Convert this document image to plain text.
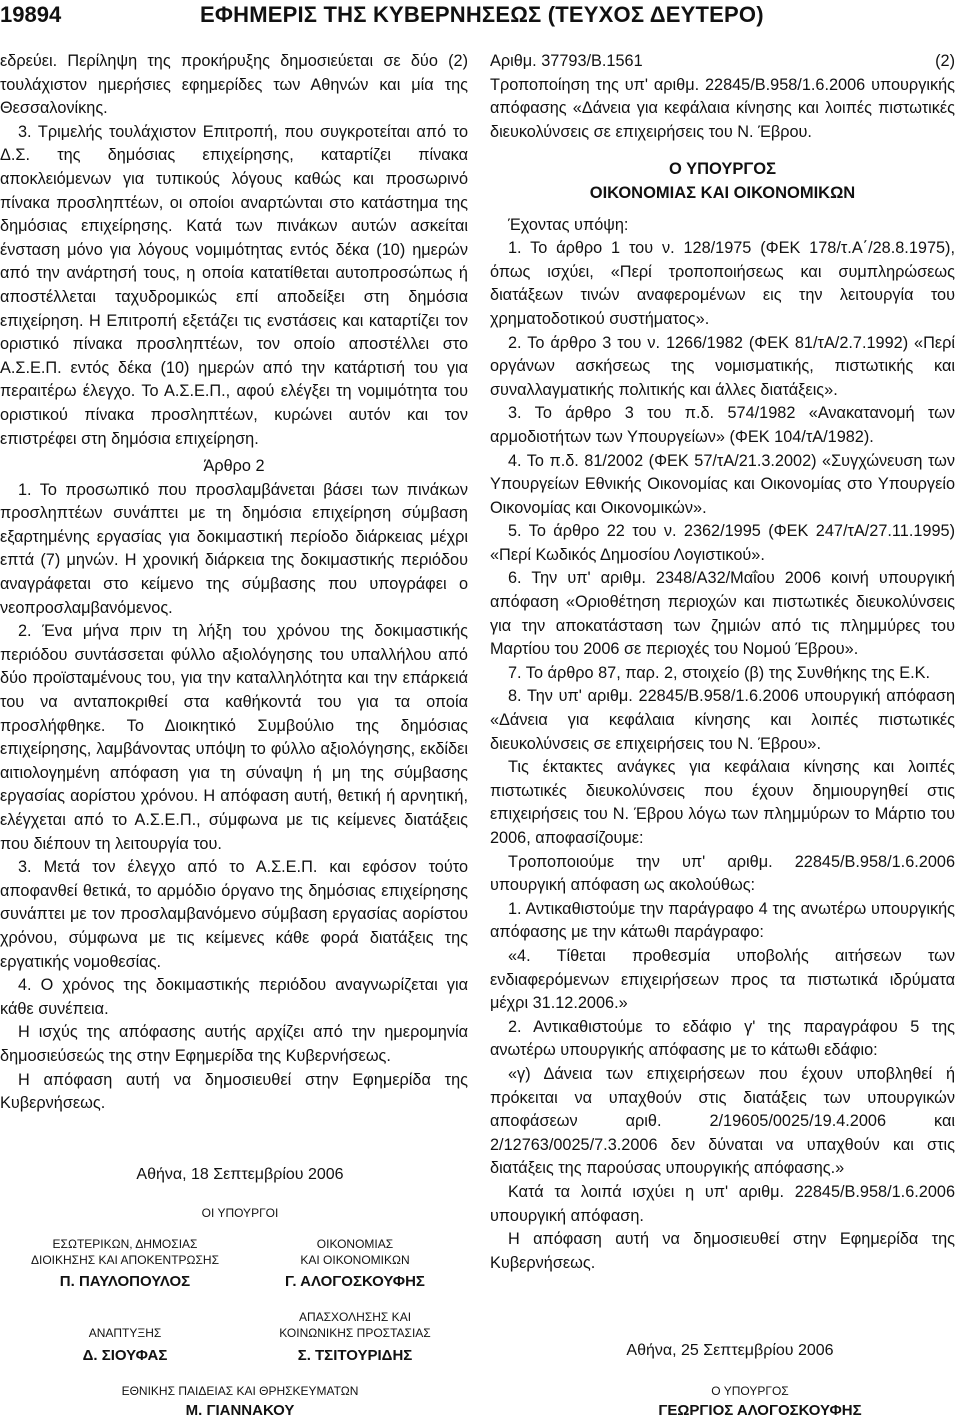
19894	ΕΦΗΜΕΡΙΣ ΤΗΣ ΚΥΒΕΡΝΗΣΕΩΣ (ΤΕΥΧΟΣ ΔΕΥΤΕΡΟ)

εδρεύει. Περίληψη της προκήρυξης δημοσιεύεται σε δύο (2) τουλάχιστον ημερήσιες εφημερίδες των Αθηνών και μία της Θεσσαλονίκης.

3. Τριμελής τουλάχιστον Επιτροπή, που συγκροτείται από το Δ.Σ. της δημόσιας επιχείρησης, καταρτίζει πίνακα αποκλειόμενων για τυπικούς λόγους καθώς και προσωρινό πίνακα προσληπτέων, οι οποίοι αναρτώνται στο κατάστημα της δημόσιας επιχείρησης. Κατά των πινάκων αυτών ασκείται ένσταση μόνο για λόγους νομιμότητας εντός δέκα (10) ημερών από την ανάρτησή τους, η οποία κατατίθεται αυτοπροσώπως ή αποστέλλεται ταχυδρομικώς επί αποδείξει στη δημόσια επιχείρηση. Η Επιτροπή εξετάζει τις ενστάσεις και καταρτίζει τον οριστικό πίνακα προσληπτέων, τον οποίο αποστέλλει στο Α.Σ.Ε.Π. εντός δέκα (10) ημερών από την κατάρτισή του για περαιτέρω έλεγχο. Το Α.Σ.Ε.Π., αφού ελέγξει τη νομιμότητα του οριστικού πίνακα προσληπτέων, κυρώνει αυτόν και τον επιστρέφει στη δημόσια επιχείρηση.

Άρθρο 2

1. Το προσωπικό που προσλαμβάνεται βάσει των πινάκων προσληπτέων συνάπτει με τη δημόσια επιχείρηση σύμβαση εξαρτημένης εργασίας για δοκιμαστική περίοδο διάρκειας μέχρι επτά (7) μηνών. Η χρονική διάρκεια της δοκιμαστικής περιόδου αναγράφεται στο κείμενο της σύμβασης που υπογράφει ο νεοπροσλαμβανόμενος.

2. Ένα μήνα πριν τη λήξη του χρόνου της δοκιμαστικής περιόδου συντάσσεται φύλλο αξιολόγησης του υπαλλήλου από δύο προϊσταμένους του, για την καταλληλότητα και την επάρκειά του να ανταποκριθεί στα καθήκοντά του για τα οποία προσλήφθηκε. Το Διοικητικό Συμβούλιο της δημόσιας επιχείρησης, λαμβάνοντας υπόψη το φύλλο αξιολόγησης, εκδίδει αιτιολογημένη απόφαση για τη σύναψη ή μη της σύμβασης εργασίας αορίστου χρόνου. Η απόφαση αυτή, θετική ή αρνητική, ελέγχεται από το Α.Σ.Ε.Π., σύμφωνα με τις κείμενες διατάξεις που διέπουν τη λειτουργία του.

3. Μετά τον έλεγχο από το Α.Σ.Ε.Π. και εφόσον τούτο αποφανθεί θετικά, το αρμόδιο όργανο της δημόσιας επιχείρησης συνάπτει με τον προσλαμβανόμενο σύμβαση εργασίας αορίστου χρόνου, σύμφωνα με τις κείμενες κάθε φορά διατάξεις της εργατικής νομοθεσίας.

4. Ο χρόνος της δοκιμαστικής περιόδου αναγνωρίζεται για κάθε συνέπεια.

Η ισχύς της απόφασης αυτής αρχίζει από την ημερομηνία δημοσιεύσεώς της στην Εφημερίδα της Κυβερνήσεως.

Η απόφαση αυτή να δημοσιευθεί στην Εφημερίδα της Κυβερνήσεως.

Αθήνα, 18 Σεπτεμβρίου 2006
ΟΙ ΥΠΟΥΡΓΟΙ
ΕΣΩΤΕΡΙΚΩΝ, ΔΗΜΟΣΙΑΣ
ΔΙΟΙΚΗΣΗΣ ΚΑΙ ΑΠΟΚΕΝΤΡΩΣΗΣ
Π. ΠΑΥΛΟΠΟΥΛΟΣ
ΟΙΚΟΝΟΜΙΑΣ
ΚΑΙ ΟΙΚΟΝΟΜΙΚΩΝ
Γ. ΑΛΟΓΟΣΚΟΥΦΗΣ
ΑΝΑΠΤΥΞΗΣ
Δ. ΣΙΟΥΦΑΣ
ΑΠΑΣΧΟΛΗΣΗΣ ΚΑΙ
ΚΟΙΝΩΝΙΚΗΣ ΠΡΟΣΤΑΣΙΑΣ
Σ. ΤΣΙΤΟΥΡΙΔΗΣ
ΕΘΝΙΚΗΣ ΠΑΙΔΕΙΑΣ ΚΑΙ ΘΡΗΣΚΕΥΜΑΤΩΝ
Μ. ΓΙΑΝΝΑΚΟΥ

Αριθμ. 37793/Β.1561	(2)

Τροποποίηση της υπ' αριθμ. 22845/Β.958/1.6.2006 υπουργικής απόφασης «Δάνεια για κεφάλαια κίνησης και λοιπές πιστωτικές διευκολύνσεις σε επιχειρήσεις του Ν. Έβρου.

Ο ΥΠΟΥΡΓΟΣ

ΟΙΚΟΝΟΜΙΑΣ ΚΑΙ ΟΙΚΟΝΟΜΙΚΩΝ

Έχοντας υπόψη:

1. Το άρθρο 1 του ν. 128/1975 (ΦΕΚ 178/τ.Α΄/28.8.1975), όπως ισχύει, «Περί τροποποιήσεως και συμπληρώσεως διατάξεων τινών αναφερομένων εις την λειτουργία του χρηματοδοτικού συστήματος».

2. Το άρθρο 3 του ν. 1266/1982 (ΦΕΚ 81/τΑ/2.7.1992) «Περί οργάνων ασκήσεως της νομισματικής, πιστωτικής και συναλλαγματικής πολιτικής και άλλες διατάξεις».

3. Το άρθρο 3 του π.δ. 574/1982 «Ανακατανομή των αρμοδιοτήτων των Υπουργείων» (ΦΕΚ 104/τΑ/1982).

4. Το π.δ. 81/2002 (ΦΕΚ 57/τΑ/21.3.2002) «Συγχώνευση των Υπουργείων Εθνικής Οικονομίας και Οικονομίας στο Υπουργείο Οικονομίας και Οικονομικών».

5. Το άρθρο 22 του ν. 2362/1995 (ΦΕΚ 247/τΑ/27.11.1995) «Περί Κωδικός Δημοσίου Λογιστικού».

6. Την υπ' αριθμ. 2348/Α32/Μαΐου 2006 κοινή υπουργική απόφαση «Οριοθέτηση περιοχών και πιστωτικές διευκολύνσεις για την αποκατάσταση των ζημιών από τις πλημμύρες του Μαρτίου του 2006 σε περιοχές του Νομού Έβρου».

7. Το άρθρο 87, παρ. 2, στοιχείο (β) της Συνθήκης της Ε.Κ.

8. Την υπ' αριθμ. 22845/Β.958/1.6.2006 υπουργική απόφαση «Δάνεια για κεφάλαια κίνησης και λοιπές πιστωτικές διευκολύνσεις σε επιχειρήσεις του Ν. Έβρου».

Τις έκτακτες ανάγκες για κεφάλαια κίνησης και λοιπές πιστωτικές διευκολύνσεις που έχουν δημιουργηθεί στις επιχειρήσεις του Ν. Έβρου λόγω των πλημμύρων το Μάρτιο του 2006, αποφασίζουμε:

Τροποποιούμε την υπ' αριθμ. 22845/Β.958/1.6.2006 υπουργική απόφαση ως ακολούθως:

1. Αντικαθιστούμε την παράγραφο 4 της ανωτέρω υπουργικής απόφασης με την κάτωθι παράγραφο:

«4. Τίθεται προθεσμία υποβολής αιτήσεων των ενδιαφερόμενων επιχειρήσεων προς τα πιστωτικά ιδρύματα μέχρι 31.12.2006.»

2. Αντικαθιστούμε το εδάφιο γ' της παραγράφου 5 της ανωτέρω υπουργικής απόφασης με το κάτωθι εδάφιο:

«γ) Δάνεια των επιχειρήσεων που έχουν υποβληθεί ή πρόκειται να υπαχθούν στις διατάξεις των υπουργικών αποφάσεων αριθ. 2/19605/0025/19.4.2006 και 2/12763/0025/7.3.2006 δεν δύναται να υπαχθούν και στις διατάξεις της παρούσας υπουργικής απόφασης.»

Κατά τα λοιπά ισχύει η υπ' αριθμ. 22845/Β.958/1.6.2006 υπουργική απόφαση.

Η απόφαση αυτή να δημοσιευθεί στην Εφημερίδα της Κυβερνήσεως.

Αθήνα, 25 Σεπτεμβρίου 2006
Ο ΥΠΟΥΡΓΟΣ
ΓΕΩΡΓΙΟΣ ΑΛΟΓΟΣΚΟΥΦΗΣ
